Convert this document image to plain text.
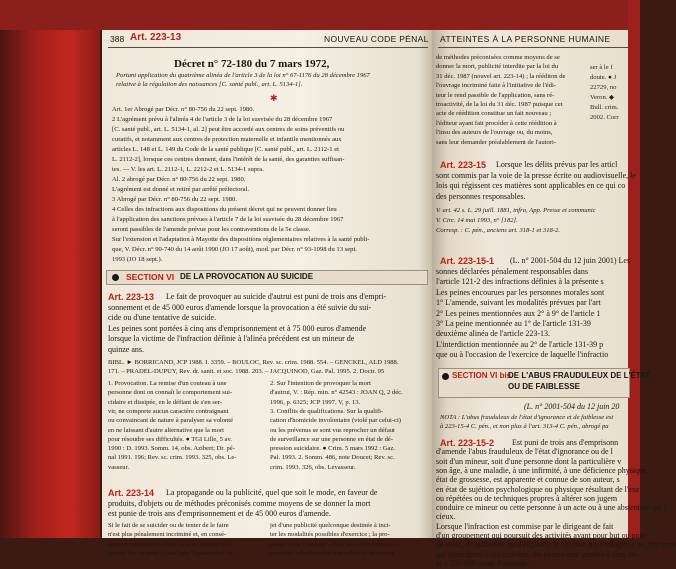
388 Art. 223-13	NOUVEAU CODE PÉNAL
Décret n° 72-180 du 7 mars 1972,
Portant application du quatrième alinéa de l'article 3 de la loi n° 67-1176 du 28 décembre 1967
relative à la régulation des naissances [C. santé publ., art. L. 5134-1].
✱
Art. 1er Abrogé par Décr. n° 80-756 du 22 sept. 1980.
2 L'agrément prévu à l'alinéa 4 de l'article 3 de la loi susvisée du 28 décembre 1967
[C. santé publ., art. L. 5134-1, al. 2] peut être accordé aux centres de soins préventifs ou
curatifs, et notamment aux centres de protection maternelle et infantile mentionnés aux
articles L. 148 et L. 149 du Code de la santé publique [C. santé publ., art. L. 2112-1 et
L. 2112-2], lorsque ces centres donnent, dans l'intérêt de la santé, des garanties suffisan-
tes. — V. les art. L. 2112-1, L. 2212-2 et L. 5134-1 supra.
Al. 2 abrogé par Décr. n° 80-756 du 22 sept. 1980.
L'agrément est donné et retiré par arrêté préfectoral.
3 Abrogé par Décr. n° 80-756 du 22 sept. 1980.
4 Celles des infractions aux dispositions du présent décret qui ne peuvent donner lieu
à l'application des sanctions prévues à l'article 7 de la loi susvisée du 28 décembre 1967
seront passibles de l'amende prévue pour les contraventions de la 5e classe.
Sur l'extension et l'adaptation à Mayotte des dispositions réglementaires relatives à la santé publi-
que, V. Décr. n° 90-740 du 14 août 1990 (JO 17 août), mod. par Décr. n° 93-1098 du 13 sept.
1993 (JO 18 sept.).
SECTION VI DE LA PROVOCATION AU SUICIDE
Art. 223-13 Le fait de provoquer au suicide d'autrui est puni de trois ans d'empri-
sonnement et de 45 000 euros d'amende lorsque la provocation a été suivie du sui-
cide ou d'une tentative de suicide.
Les peines sont portées à cinq ans d'emprisonnement et à 75 000 euros d'amende
lorsque la victime de l'infraction définie à l'alinéa précédent est un mineur de
quinze ans.
BIBL. ► BORRICAND, JCP 1988. I. 3359. – BOULOC, Rev. sc. crim. 1988. 554. – GENCKEL, ALD 1988.
171. – PRADEL-DUPUY, Rev. dr. sanit. et soc. 1988. 203. – JACQUINOD, Gaz. Pal. 1995. 2. Doctr. 95
1. Provocation. La remise d'un couteau à une
personne dont on connaît le comportement sui-
cidaire et dissipée, en le défiant de s'en ser-
vir, ne comporte aucun caractère contraignant
ou convaincant de nature à paralyser sa volonté
en ne laissant d'autre alternative que la mort
pour résoudre ses difficultés. ● TGI Lille, 5 av.
1990 : D. 1993. Somm. 14, obs. Azibert; Dr. pé-
nal 1991. 196; Rev. sc. crim. 1993. 325, obs. Le-
vasseur.
2. Sur l'intention de provoquer la mort
d'autrui, V. : Rép. min. n° 42543 : JOAN Q, 2 déc.
1996, p. 6325; JCP 1997. V, p. 13.
3. Conflits de qualifications. Sur la qualifi-
cation d'homicide involontaire (violé par celui-ci)
ou les prévenus se sont vus reprocher un défaut
de surveillance sur une personne en état de dé-
pression suicidaire. ● Crim. 5 mars 1992 : Gaz.
Pal. 1993. 2. Somm. 486, note Doucet; Rev. sc.
crim. 1993. 326, obs. Levasseur.
Art. 223-14 La propagande ou la publicité, quel que soit le mode, en faveur de
produits, d'objets ou de méthodes préconisés comme moyens de se donner la mort
est punie de trois ans d'emprisonnement et de 45 000 euros d'amende.
Si le fait de se suicider ou de tenter de le faire
n'est plus pénalement incriminé et, en consé-
quence, constitue un droit, cela ne signifie nul-
lement que ce droit puisse faire légalement l'ob-
jet d'une publicité quelconque destinée à inci-
ter les modalités possibles d'exercice ; la pro-
priété 10 de l'ouvrage « Suicide mode d'emploi »
constitue effectivement une publicité en faveur
ATTEINTES À LA PERSONNE HUMAINE
de méthodes préconisées comme moyens de se
donner la mort, publicité interdite par la loi du
31 déc. 1987 (nouvel art. 223-14) ; la rééditon de
l'ouvrage incriminé faite à l'initiative de l'édi-
teur le rend passible de l'application, sans ré-
troactivité, de la loi du 31 déc. 1987 puisque cet
acte de réédition constitue un fait nouveau ;
l'éditeur ayant fait procéder à cette réédition à
l'insu des auteurs de l'ouvrage ou, du moins,
sans leur demander préalablement de l'autori-
ser à le f
doute. ● J
22729, no
Veron. ◆
Bull. crim.
2002. Corr
Art. 223-15 Lorsque les délits prévus par les articl
sont commis par la voie de la presse écrite ou audiovisuelle, le
lois qui régissent ces matières sont applicables en ce qui co
des personnes responsables.
V. art. 42 s. L. 29 juill. 1881, infra, App. Presse et communic
V. Circ. 14 mai 1993, n° [182].
Corresp. : C. pén., anciens art. 318-1 et 318-2.
Art. 223-15-1 (L. n° 2001-504 du 12 juin 2001) Les
sonnes déclarées pénalement responsables dans
l'article 121-2 des infractions définies à la présente s
Les peines encourues par les personnes morales sont
1° L'amende, suivant les modalités prévues par l'art
2° Les peines mentionnées aux 2° à 9° de l'article 1
3° La peine mentionnée au 1° de l'article 131-39
deuxième alinéa de l'article 223-13.
L'interdiction mentionnée au 2° de l'article 131-39 p
que ou à l'occasion de l'exercice de laquelle l'infractio
SECTION VI bis
DE L'ABUS FRAUDULEUX DE L'ÉTAT
OU DE FAIBLESSE
(L. n° 2001-504 du 12 juin 20
NOTA : L'abus frauduleux de l'état d'ignorance et de faiblesse est
à 223-15-4 C. pén., et non plus à l'art. 313-4 C. pén., abrogé pa
Art. 223-15-2 Est puni de trois ans d'emprisonn
d'amende l'abus frauduleux de l'état d'ignorance ou de l
soit d'un mineur, soit d'une personne dont la particulière v
son âge, à une maladie, à une infirmité, à une déficience physique
état de grossesse, est apparente et connue de son auteur, s
en état de sujétion psychologique ou physique résultant de l'exe
ou répétées ou de techniques propres à altérer son jugem
conduire ce mineur ou cette personne à un acte ou à une abstention qui l
cieux.
Lorsque l'infraction est commise par le dirigeant de fait
d'un groupement qui poursuit des activités ayant pour but ou pour
de créer, de maintenir ou d'exploiter la sujétion psychologique ou physique
qui participent à ces activités, les peines sont portées à cinq ans
et à 750 000 euros d'amende.
